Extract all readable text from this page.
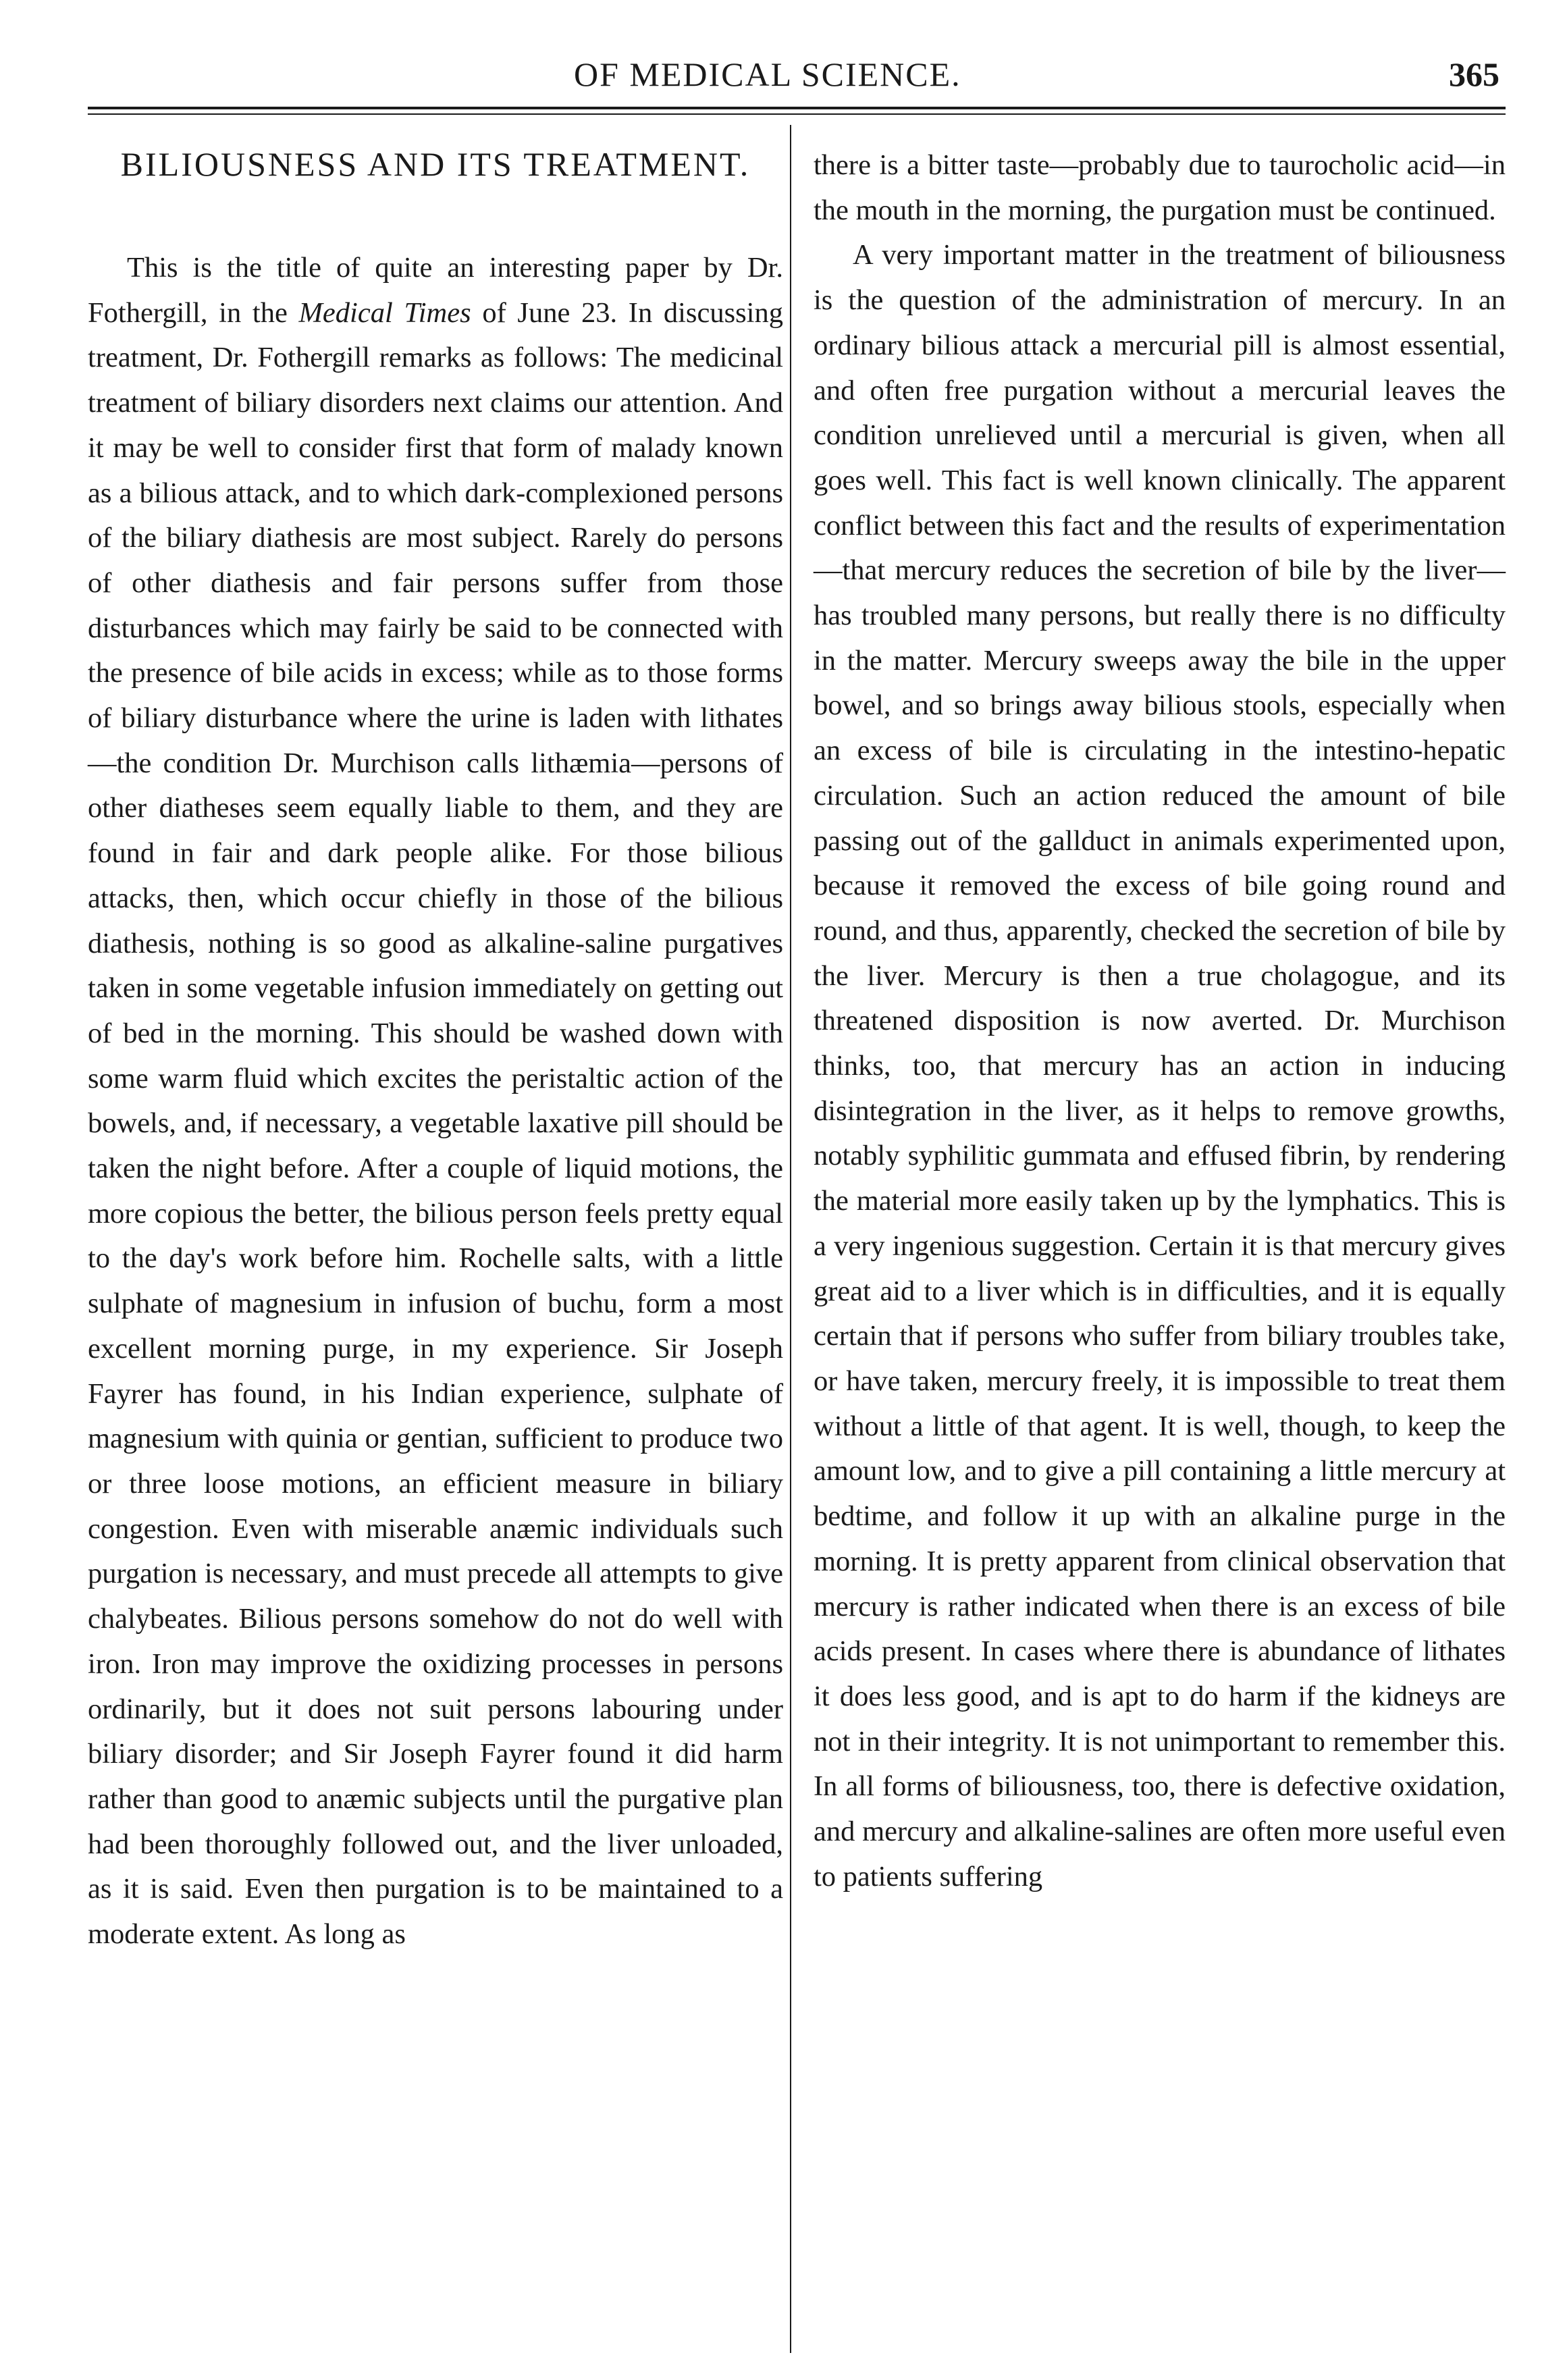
OF MEDICAL SCIENCE.	365
BILIOUSNESS AND ITS TREATMENT.

This is the title of quite an interesting paper by Dr. Fothergill, in the Medical Times of June 23. In discussing treatment, Dr. Fothergill remarks as follows: The medicinal treatment of biliary disorders next claims our attention. And it may be well to consider first that form of malady known as a bilious attack, and to which dark-complexioned persons of the biliary diathesis are most subject. Rarely do persons of other diathesis and fair persons suffer from those disturbances which may fairly be said to be connected with the presence of bile acids in excess; while as to those forms of biliary disturbance where the urine is laden with lithates—the condition Dr. Murchison calls lithæmia—persons of other diatheses seem equally liable to them, and they are found in fair and dark people alike. For those bilious attacks, then, which occur chiefly in those of the bilious diathesis, nothing is so good as alkaline-saline purgatives taken in some vegetable infusion immediately on getting out of bed in the morning. This should be washed down with some warm fluid which excites the peristaltic action of the bowels, and, if necessary, a vegetable laxative pill should be taken the night before. After a couple of liquid motions, the more copious the better, the bilious person feels pretty equal to the day's work before him. Rochelle salts, with a little sulphate of magnesium in infusion of buchu, form a most excellent morning purge, in my experience. Sir Joseph Fayrer has found, in his Indian experience, sulphate of magnesium with quinia or gentian, sufficient to produce two or three loose motions, an efficient measure in biliary congestion. Even with miserable anæmic individuals such purgation is necessary, and must precede all attempts to give chalybeates. Bilious persons somehow do not do well with iron. Iron may improve the oxidizing processes in persons ordinarily, but it does not suit persons labouring under biliary disorder; and Sir Joseph Fayrer found it did harm rather than good to anæmic subjects until the purgative plan had been thoroughly followed out, and the liver unloaded, as it is said. Even then purgation is to be maintained to a moderate extent. As long as

there is a bitter taste—probably due to taurocholic acid—in the mouth in the morning, the purgation must be continued.

A very important matter in the treatment of biliousness is the question of the administration of mercury. In an ordinary bilious attack a mercurial pill is almost essential, and often free purgation without a mercurial leaves the condition unrelieved until a mercurial is given, when all goes well. This fact is well known clinically. The apparent conflict between this fact and the results of experimentation—that mercury reduces the secretion of bile by the liver—has troubled many persons, but really there is no difficulty in the matter. Mercury sweeps away the bile in the upper bowel, and so brings away bilious stools, especially when an excess of bile is circulating in the intestino-hepatic circulation. Such an action reduced the amount of bile passing out of the gallduct in animals experimented upon, because it removed the excess of bile going round and round, and thus, apparently, checked the secretion of bile by the liver. Mercury is then a true cholagogue, and its threatened disposition is now averted. Dr. Murchison thinks, too, that mercury has an action in inducing disintegration in the liver, as it helps to remove growths, notably syphilitic gummata and effused fibrin, by rendering the material more easily taken up by the lymphatics. This is a very ingenious suggestion. Certain it is that mercury gives great aid to a liver which is in difficulties, and it is equally certain that if persons who suffer from biliary troubles take, or have taken, mercury freely, it is impossible to treat them without a little of that agent. It is well, though, to keep the amount low, and to give a pill containing a little mercury at bedtime, and follow it up with an alkaline purge in the morning. It is pretty apparent from clinical observation that mercury is rather indicated when there is an excess of bile acids present. In cases where there is abundance of lithates it does less good, and is apt to do harm if the kidneys are not in their integrity. It is not unimportant to remember this. In all forms of biliousness, too, there is defective oxidation, and mercury and alkaline-salines are often more useful even to patients suffering
